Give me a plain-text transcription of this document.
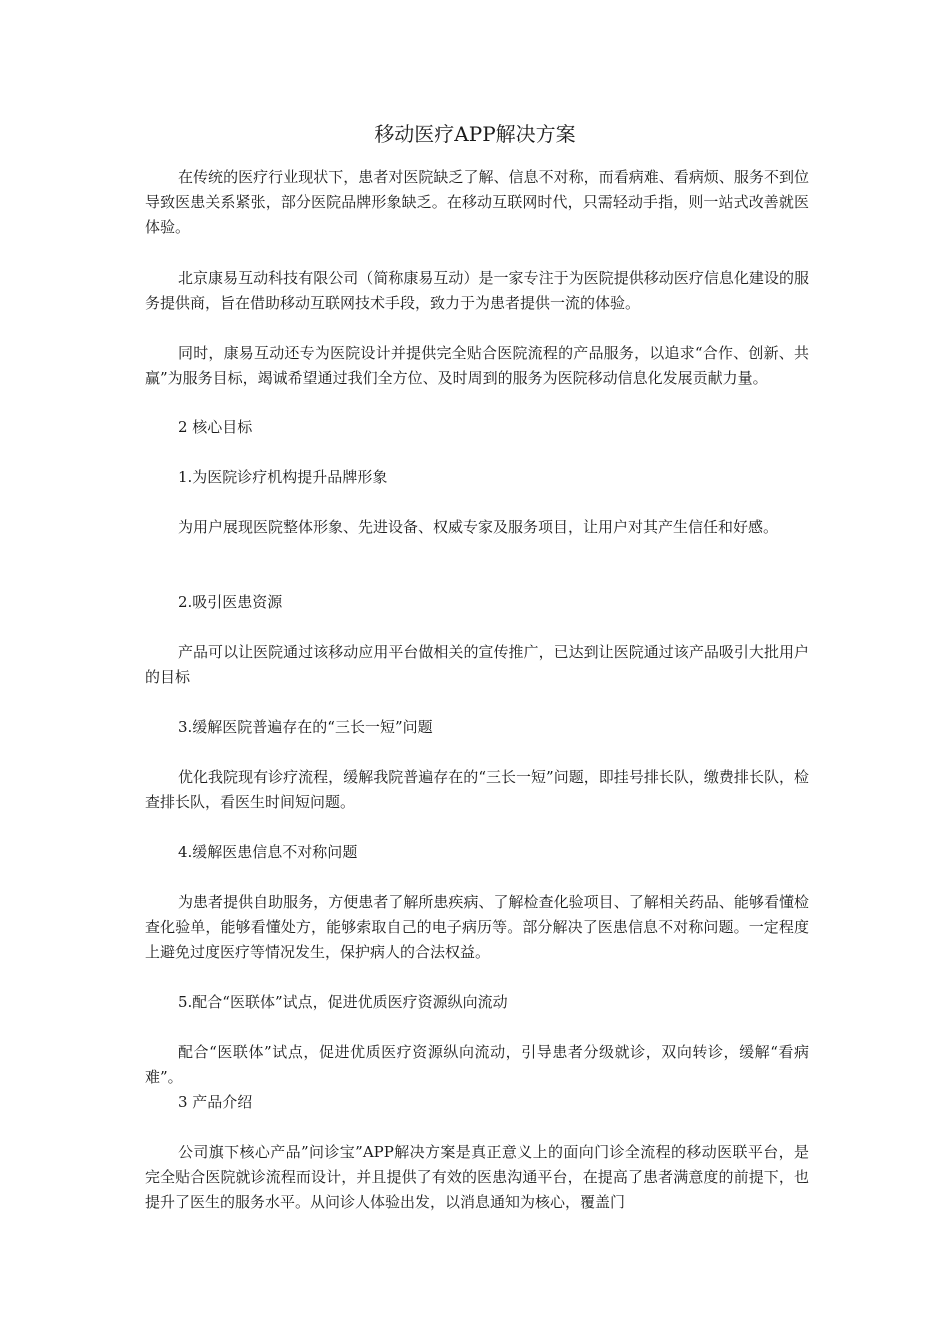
移动医疗APP解决方案

在传统的医疗行业现状下，患者对医院缺乏了解、信息不对称，而看病难、看病烦、服务不到位导致医患关系紧张，部分医院品牌形象缺乏。在移动互联网时代，只需轻动手指，则一站式改善就医体验。

北京康易互动科技有限公司（简称康易互动）是一家专注于为医院提供移动医疗信息化建设的服务提供商，旨在借助移动互联网技术手段，致力于为患者提供一流的体验。

同时，康易互动还专为医院设计并提供完全贴合医院流程的产品服务，以追求“合作、创新、共赢”为服务目标，竭诚希望通过我们全方位、及时周到的服务为医院移动信息化发展贡献力量。

2 核心目标

1.为医院诊疗机构提升品牌形象

为用户展现医院整体形象、先进设备、权威专家及服务项目，让用户对其产生信任和好感。

2.吸引医患资源

产品可以让医院通过该移动应用平台做相关的宣传推广，已达到让医院通过该产品吸引大批用户的目标

3.缓解医院普遍存在的“三长一短”问题

优化我院现有诊疗流程，缓解我院普遍存在的“三长一短”问题，即挂号排长队，缴费排长队，检查排长队，看医生时间短问题。

4.缓解医患信息不对称问题

为患者提供自助服务，方便患者了解所患疾病、了解检查化验项目、了解相关药品、能够看懂检查化验单，能够看懂处方，能够索取自己的电子病历等。部分解决了医患信息不对称问题。一定程度上避免过度医疗等情况发生，保护病人的合法权益。

5.配合“医联体”试点，促进优质医疗资源纵向流动

配合“医联体”试点，促进优质医疗资源纵向流动，引导患者分级就诊，双向转诊，缓解“看病难”。

3 产品介绍

公司旗下核心产品”问诊宝”APP解决方案是真正意义上的面向门诊全流程的移动医联平台，是完全贴合医院就诊流程而设计，并且提供了有效的医患沟通平台，在提高了患者满意度的前提下，也提升了医生的服务水平。从问诊人体验出发，以消息通知为核心，覆盖门
